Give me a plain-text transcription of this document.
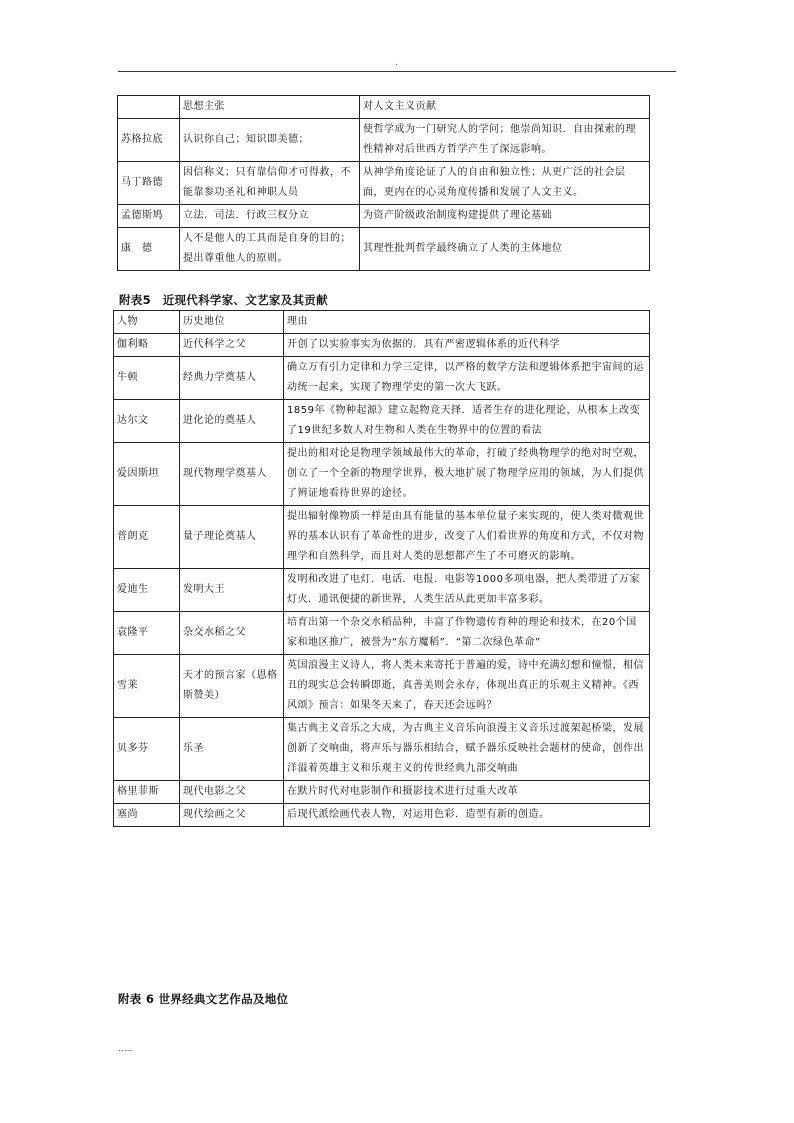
.
	思想主张	对人文主义贡献
苏格拉底	认识你自己；知识即美德；	使哲学成为一门研究人的学问；他崇尚知识．自由探索的理性精神对后世西方哲学产生了深远影响。
马丁路德	因信称义；只有靠信仰才可得救，不能靠参功圣礼和神职人员	从神学角度论证了人的自由和独立性；从更广泛的社会层面，更内在的心灵角度传播和发展了人文主义。
孟德斯鸠	立法．司法．行政三权分立	为资产阶级政治制度构建提供了理论基础
康　德	人不是他人的工具而是自身的目的；提出尊重他人的原则。	其理性批判哲学最终确立了人类的主体地位
附表5　近现代科学家、文艺家及其贡献
人物	历史地位	理由
伽利略	近代科学之父	开创了以实验事实为依据的．具有严密逻辑体系的近代科学
牛顿	经典力学奠基人	确立万有引力定律和力学三定律，以严格的数学方法和逻辑体系把宇宙间的运动统一起来，实现了物理学史的第一次大飞跃。
达尔文	进化论的奠基人	1859年《物种起源》建立起物竞天择．适者生存的进化理论，从根本上改变了19世纪多数人对生物和人类在生物界中的位置的看法
爱因斯坦	现代物理学奠基人	提出的相对论是物理学领域最伟大的革命，打破了经典物理学的绝对时空观，创立了一个全新的物理学世界，极大地扩展了物理学应用的领域，为人们提供了辨证地看待世界的途径。
普朗克	量子理论奠基人	提出辐射像物质一样是由具有能量的基本单位量子来实现的，使人类对微观世界的基本认识有了革命性的进步，改变了人们看世界的角度和方式，不仅对物理学和自然科学，而且对人类的思想都产生了不可磨灭的影响。
爱迪生	发明大王	发明和改进了电灯．电话．电报．电影等1000多项电器，把人类带进了万家灯火．通讯便捷的新世界，人类生活从此更加丰富多彩。
袁隆平	杂交水稻之父	培育出第一个杂交水稻品种，丰富了作物遗传育种的理论和技术，在20个国家和地区推广，被誉为“东方魔稻”．“第二次绿色革命”
雪莱	天才的预言家（恩格斯赞美）	英国浪漫主义诗人，将人类未来寄托于普遍的爱，诗中充满幻想和憧憬，相信丑的现实总会转瞬即逝，真善美则会永存，体现出真正的乐观主义精神。《西风颂》预言：如果冬天来了，春天还会远吗？
贝多芬	乐圣	集古典主义音乐之大成，为古典主义音乐向浪漫主义音乐过渡架起桥梁，发展创新了交响曲，将声乐与器乐相结合，赋予器乐反映社会题材的使命，创作出洋溢着英雄主义和乐观主义的传世经典九部交响曲
格里菲斯	现代电影之父	在默片时代对电影制作和摄影技术进行过重大改革
塞尚	现代绘画之父	后现代派绘画代表人物，对运用色彩．造型有新的创造。
附表 6 世界经典文艺作品及地位
.....
